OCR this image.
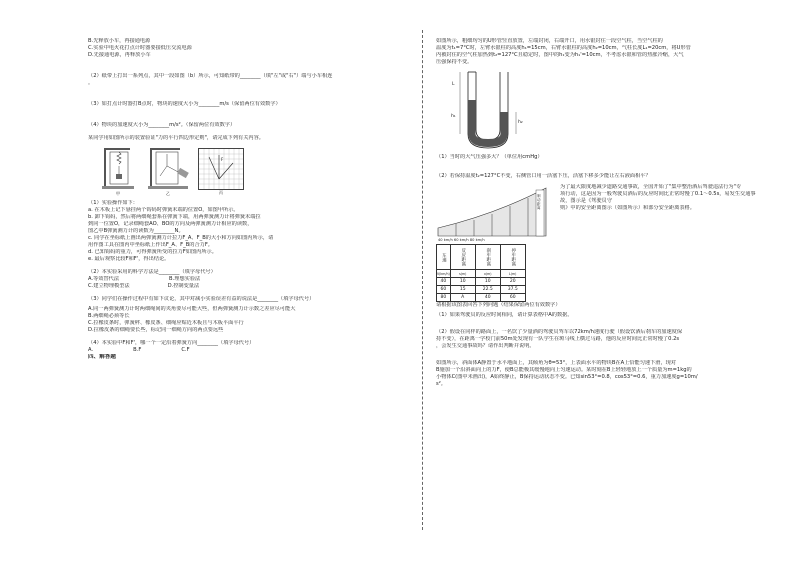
B.先释放小车，再接通电源
C.实验中电火花打点计时器要接低压交流电源
D.先接通电源，再释放小车
（2）纸带上打出一系列点，其中一段如图（b）所示，可知纸带的________（填"左"或"右"）端与小车相连
。
（3）如打点计时器打B点时，物块的速度大小为________m/s（保留两位有效数字）
（4）物块的加速度大小为________m/s²。（保留两位有效数字）
某同学用如图所示的装置验证"力的平行四边形定则"，请完成下列有关内容。
甲	乙
F
丙
（1）实验操作如下：
a. 在木板上记下悬挂两个钩码时弹簧末端的位置O，如图甲所示。
b. 卸下钩码，然后将两细绳套系在弹簧下端，用两弹簧测力计将弹簧末端拉
到同一位置O，记录细绳套AO、BO的方向及两弹簧测力计相应的读数，
图乙中B弹簧测力计的读数为________N。
c. 同学在坐标纸上画出两弹簧测力计拉力F_A、F_B的大小和方向如图丙所示，请
用作图工具在图丙中坐标纸上作出F_A、F_B的合力F。
d. 已知钩码的重力，可得弹簧所受的拉力F如图丙所示。
e. 最后观察比较F和F'，得出结论。
（2）本实验采用的科学方法是________（填字母代号）
A.等效替代法	B.理想实验法
C.建立物理模型法	D.控制变量法
（3）同学们在操作过程中有如下议论，其中对减小实验误差有益的说法是________（填字母代号）
A.同一两弹簧测力计时两细绳间的夹角要尽可能大些，但两弹簧测力计示数之差应尽可能大
B.两细绳必须等长
C.拉橡皮条时，弹簧秤、橡皮条、细绳应贴近木板且与木板平面平行
D.拉橡皮条的细绳要长些，标记同一细绳方向的两点要远些
（4）本实验中F和F'，哪一个一定沿着弹簧方向________（填字母代号）
A.	B.F	C.F
四、解答题
如图所示，粗细均匀的U形管竖直放置，左端封闭，右端开口，用水银封住一段空气柱，当空气柱的
温度为t₁=7°C时，左臂水银柱的高度h₁=15cm，右臂水银柱的高度h₂=10cm，气柱长度L₁=20cm，将U形管
内被封住的空气柱加热到t₂=127°C且稳定时，图中的h₁变为h₁'=10cm，不考虑水银和管的热胀冷缩，大气
压强保持不变。
L
h₁
h₂
（1）当时的大气压强多大？（单位用cmHg）
（2）若保持温度t₂=127°C不变，右侧管口用一活塞下压，活塞下移多少能让左右液面相平？
40 km/h 60 km/h 80 km/h
制动距离
为了最大限度地减少道路交通事故，全国开始了"集中整治酒后驾驶违法行为"专
项行动，这是因为一般驾驶员酒后的反应时间比正常时慢了0.1～0.5s，易发生交通事故，图示是《驾驶员守
则》中的安全距离图示（如图所示）和部分安全距离表格。
车速	反应距离	刹车距离	停车距离
V(km/h)	s(m)	x(m)	L(m)
40	10	10	20
60	15	22.5	37.5
80	A	40	60
请根据该图表回答下列问题（结果保留两位有效数字）
（1）如果驾驶员的反应时间相同，请计算表格中A的数据。
（2）假设在同样的路面上，一名饮了少量酒的驾驶员驾车以72km/h速度行驶（假设饮酒后刹车的加速度保
持不变），在距离一学校门前50m处发现有一队学生在斑马线上横过马路，他的反应时间比正常时慢了0.2s
，会发生交通事故吗？请作出判断并说明。
如图所示，斜面体A静置于水平地面上，其倾角为θ=53°，上表面水平的物块B在A上恰能匀速下滑，现对
B施加一个沿斜面向上的力F，使B总能极其缓慢地向上匀速运动。某时刻在B上轻轻地放上一个质量为m=1kg的
小物体C(图中未画出)，A始终静止，B保持运动状态不变。已知sin53°=0.8，cos53°=0.6，重力加速度g=10m/
s²。
